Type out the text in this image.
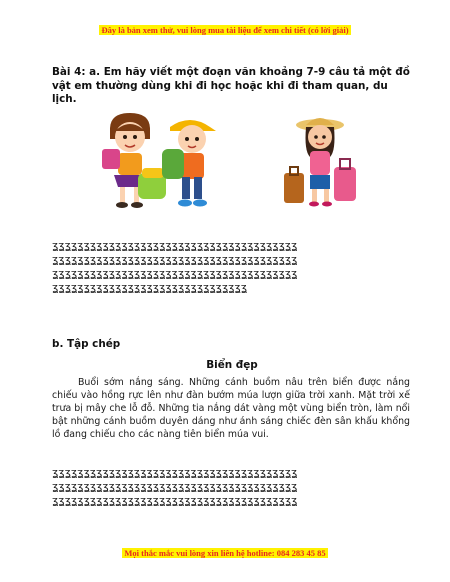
Đây là bản xem thử, vui lòng mua tài liệu để xem chi tiết (có lời giải)
Bài 4: a. Em hãy viết một đoạn văn khoảng 7-9 câu tả một đồ vật em thường dùng khi đi học hoặc khi đi tham quan, du lịch.
ʓʓʓʓʓʓʓʓʓʓʓʓʓʓʓʓʓʓʓʓʓʓʓʓʓʓʓʓʓʓʓʓʓʓʓʓʓʓʓ
ʓʓʓʓʓʓʓʓʓʓʓʓʓʓʓʓʓʓʓʓʓʓʓʓʓʓʓʓʓʓʓʓʓʓʓʓʓʓʓ
ʓʓʓʓʓʓʓʓʓʓʓʓʓʓʓʓʓʓʓʓʓʓʓʓʓʓʓʓʓʓʓʓʓʓʓʓʓʓʓ
ʓʓʓʓʓʓʓʓʓʓʓʓʓʓʓʓʓʓʓʓʓʓʓʓʓʓʓʓʓʓʓ
b. Tập chép
Biển đẹp
Buổi sớm nắng sáng. Những cánh buồm nâu trên biển được nắng chiếu vào hồng rực lên như đàn bướm múa lượn giữa trời xanh. Mặt trời xế trưa bị mây che lỗ đỗ. Những tia nắng dát vàng một vùng biển tròn, làm nổi bật những cánh buồm duyên dáng như ánh sáng chiếc đèn sân khấu khổng lồ đang chiếu cho các nàng tiên biển múa vui.
ʓʓʓʓʓʓʓʓʓʓʓʓʓʓʓʓʓʓʓʓʓʓʓʓʓʓʓʓʓʓʓʓʓʓʓʓʓʓʓ
ʓʓʓʓʓʓʓʓʓʓʓʓʓʓʓʓʓʓʓʓʓʓʓʓʓʓʓʓʓʓʓʓʓʓʓʓʓʓʓ
ʓʓʓʓʓʓʓʓʓʓʓʓʓʓʓʓʓʓʓʓʓʓʓʓʓʓʓʓʓʓʓʓʓʓʓʓʓʓʓ
Mọi thắc mắc vui lòng xin liên hệ hotline: 084 283 45 85
